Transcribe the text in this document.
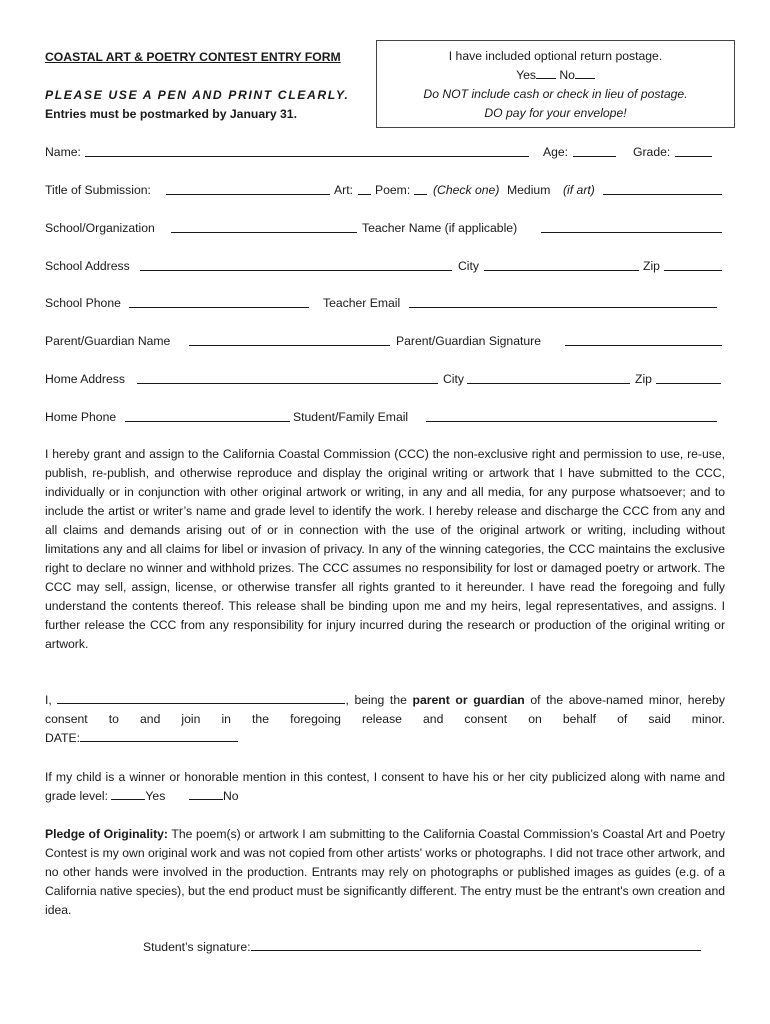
COASTAL ART & POETRY CONTEST ENTRY FORM
PLEASE USE A PEN AND PRINT CLEARLY.
Entries must be postmarked by January 31.
I have included optional return postage.
Yes No
Do NOT include cash or check in lieu of postage.
DO pay for your envelope!
Name:	Age:	Grade:
Title of Submission:	Art: Poem: (Check one) Medium (if art)
School/Organization	Teacher Name (if applicable)
School Address	City	Zip
School Phone	Teacher Email
Parent/Guardian Name	Parent/Guardian Signature
Home Address	City	Zip
Home Phone	Student/Family Email

I hereby grant and assign to the California Coastal Commission (CCC) the non-exclusive right and permission to use, re-use, publish, re-publish, and otherwise reproduce and display the original writing or artwork that I have submitted to the CCC, individually or in conjunction with other original artwork or writing, in any and all media, for any purpose whatsoever; and to include the artist or writer’s name and grade level to identify the work. I hereby release and discharge the CCC from any and all claims and demands arising out of or in connection with the use of the original artwork or writing, including without limitations any and all claims for libel or invasion of privacy. In any of the winning categories, the CCC maintains the exclusive right to declare no winner and withhold prizes. The CCC assumes no responsibility for lost or damaged poetry or artwork. The CCC may sell, assign, license, or otherwise transfer all rights granted to it hereunder. I have read the foregoing and fully understand the contents thereof. This release shall be binding upon me and my heirs, legal representatives, and assigns. I further release the CCC from any responsibility for injury incurred during the research or production of the original writing or artwork.

I,	, being the parent or guardian of the above-named minor, hereby consent to and join in the foregoing release and consent on behalf of said minor.

DATE:

If my child is a winner or honorable mention in this contest, I consent to have his or her city publicized along with name and grade level:	Yes	No

Pledge of Originality: The poem(s) or artwork I am submitting to the California Coastal Commission’s Coastal Art and Poetry Contest is my own original work and was not copied from other artists' works or photographs. I did not trace other artwork, and no other hands were involved in the production. Entrants may rely on photographs or published images as guides (e.g. of a California native species), but the end product must be significantly different. The entry must be the entrant's own creation and idea.

Student’s signature:
